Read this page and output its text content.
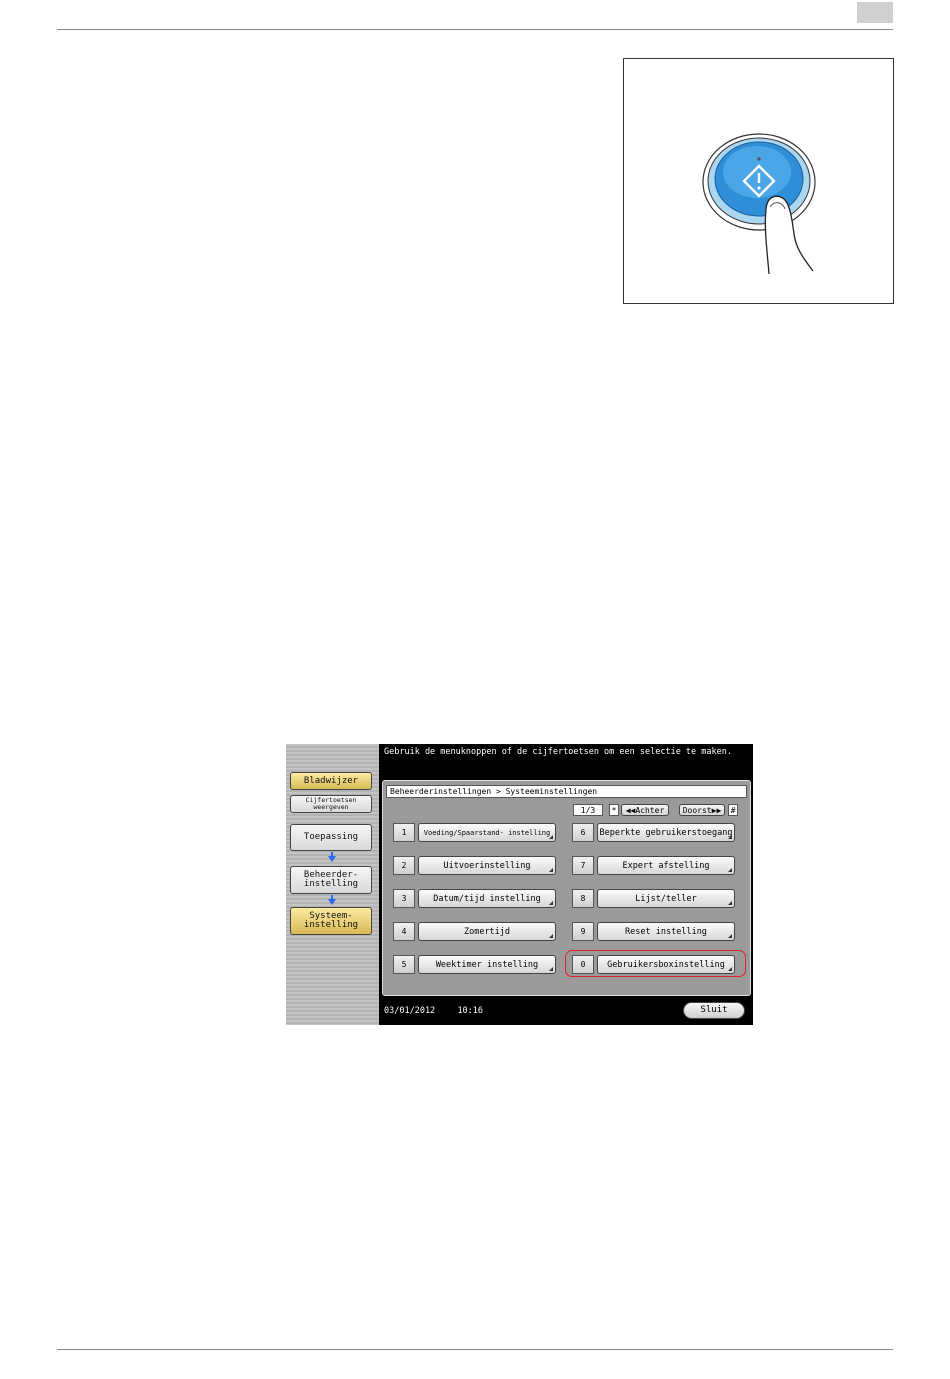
Bladwijzer
Cijfertoetsen weergeven
Toepassing
Beheerder- instelling
Systeem- instelling
Gebruik de menuknoppen of de cijfertoetsen om een selectie te maken.
Beheerderinstellingen > Systeeminstellingen
1/3	*	◀◀Achter	Doorst▶▶	#
1	Voeding/Spaarstand- instelling
2	Uitvoerinstelling
3	Datum/tijd instelling
4	Zomertijd
5	Weektimer instelling
6	Beperkte gebruikerstoegang
7	Expert afstelling
8	Lijst/teller
9	Reset instelling
0	Gebruikersboxinstelling
03/01/2012	10:16	Sluit
